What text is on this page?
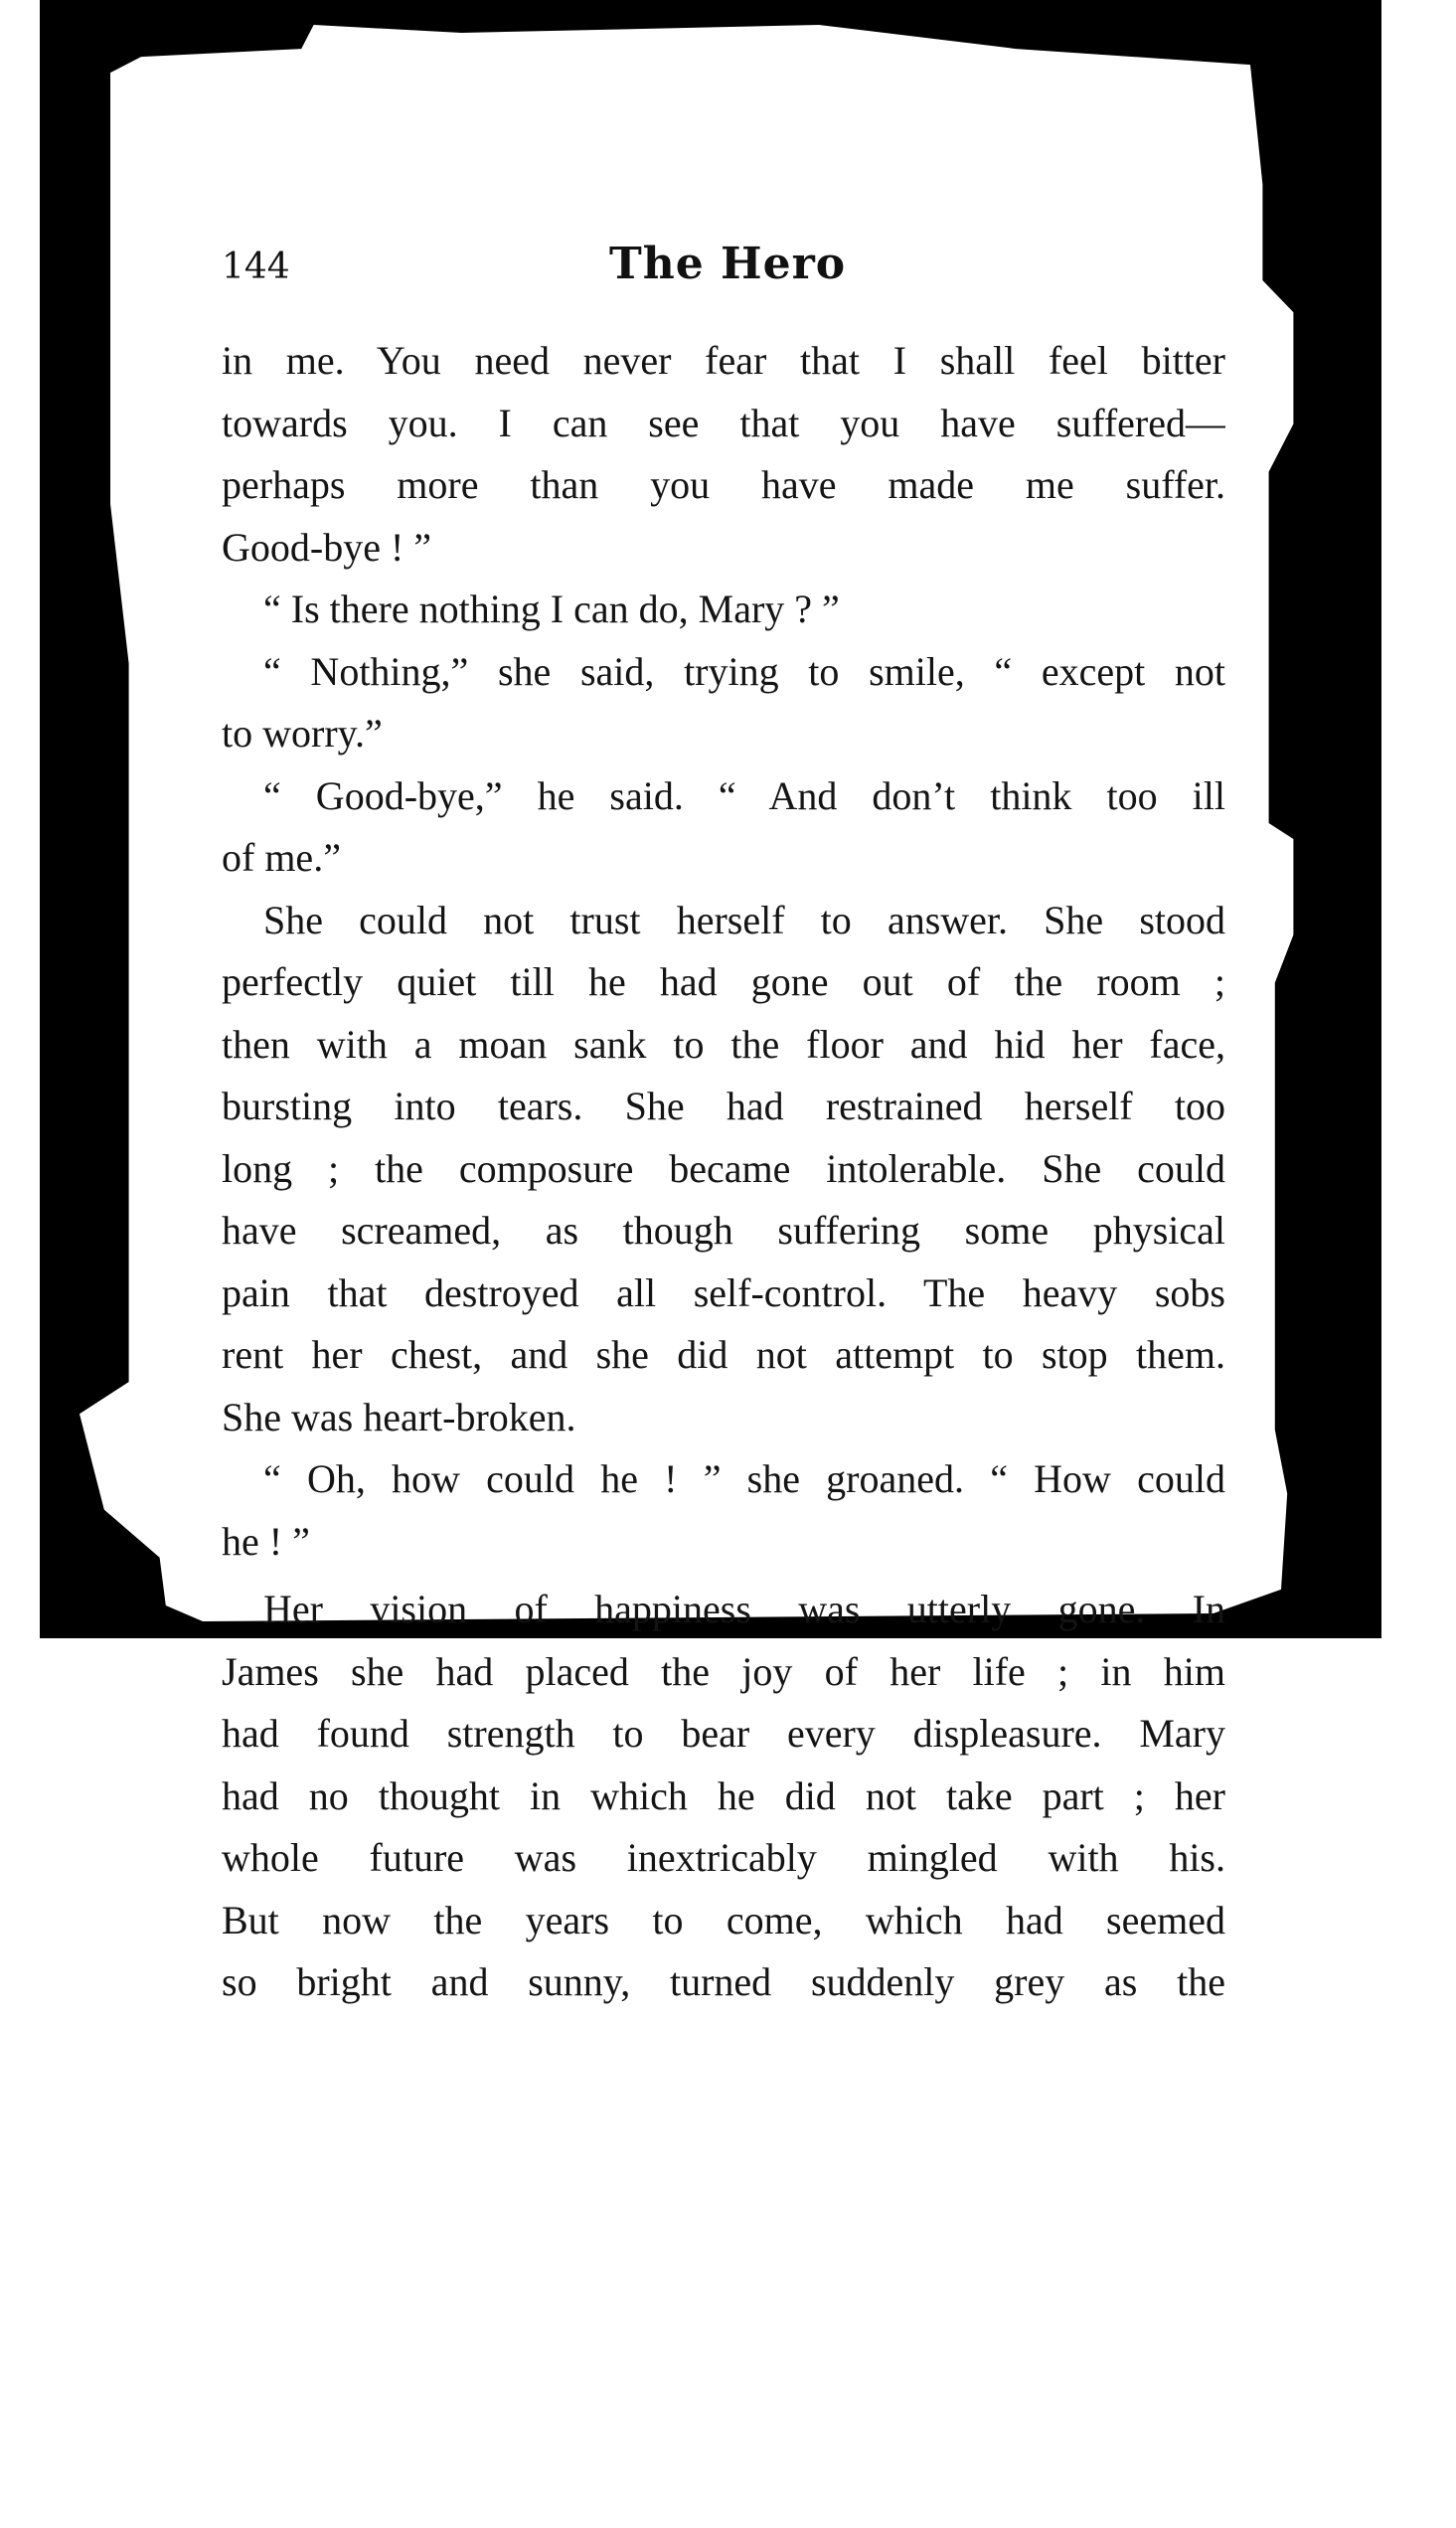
144	The Hero
in me. You need never fear that I shall feel bitter
towards you. I can see that you have suffered—
perhaps more than you have made me suffer.
Good-bye ! ”
“ Is there nothing I can do, Mary ? ”
“ Nothing,” she said, trying to smile, “ except not
to worry.”
“ Good-bye,” he said. “ And don’t think too ill
of me.”
She could not trust herself to answer. She stood
perfectly quiet till he had gone out of the room ;
then with a moan sank to the floor and hid her face,
bursting into tears. She had restrained herself too
long ; the composure became intolerable. She could
have screamed, as though suffering some physical
pain that destroyed all self-control. The heavy sobs
rent her chest, and she did not attempt to stop them.
She was heart-broken.
“ Oh, how could he ! ” she groaned. “ How could
he ! ”
Her vision of happiness was utterly gone. In
James she had placed the joy of her life ; in him
had found strength to bear every displeasure. Mary
had no thought in which he did not take part ; her
whole future was inextricably mingled with his.
But now the years to come, which had seemed
so bright and sunny, turned suddenly grey as the
